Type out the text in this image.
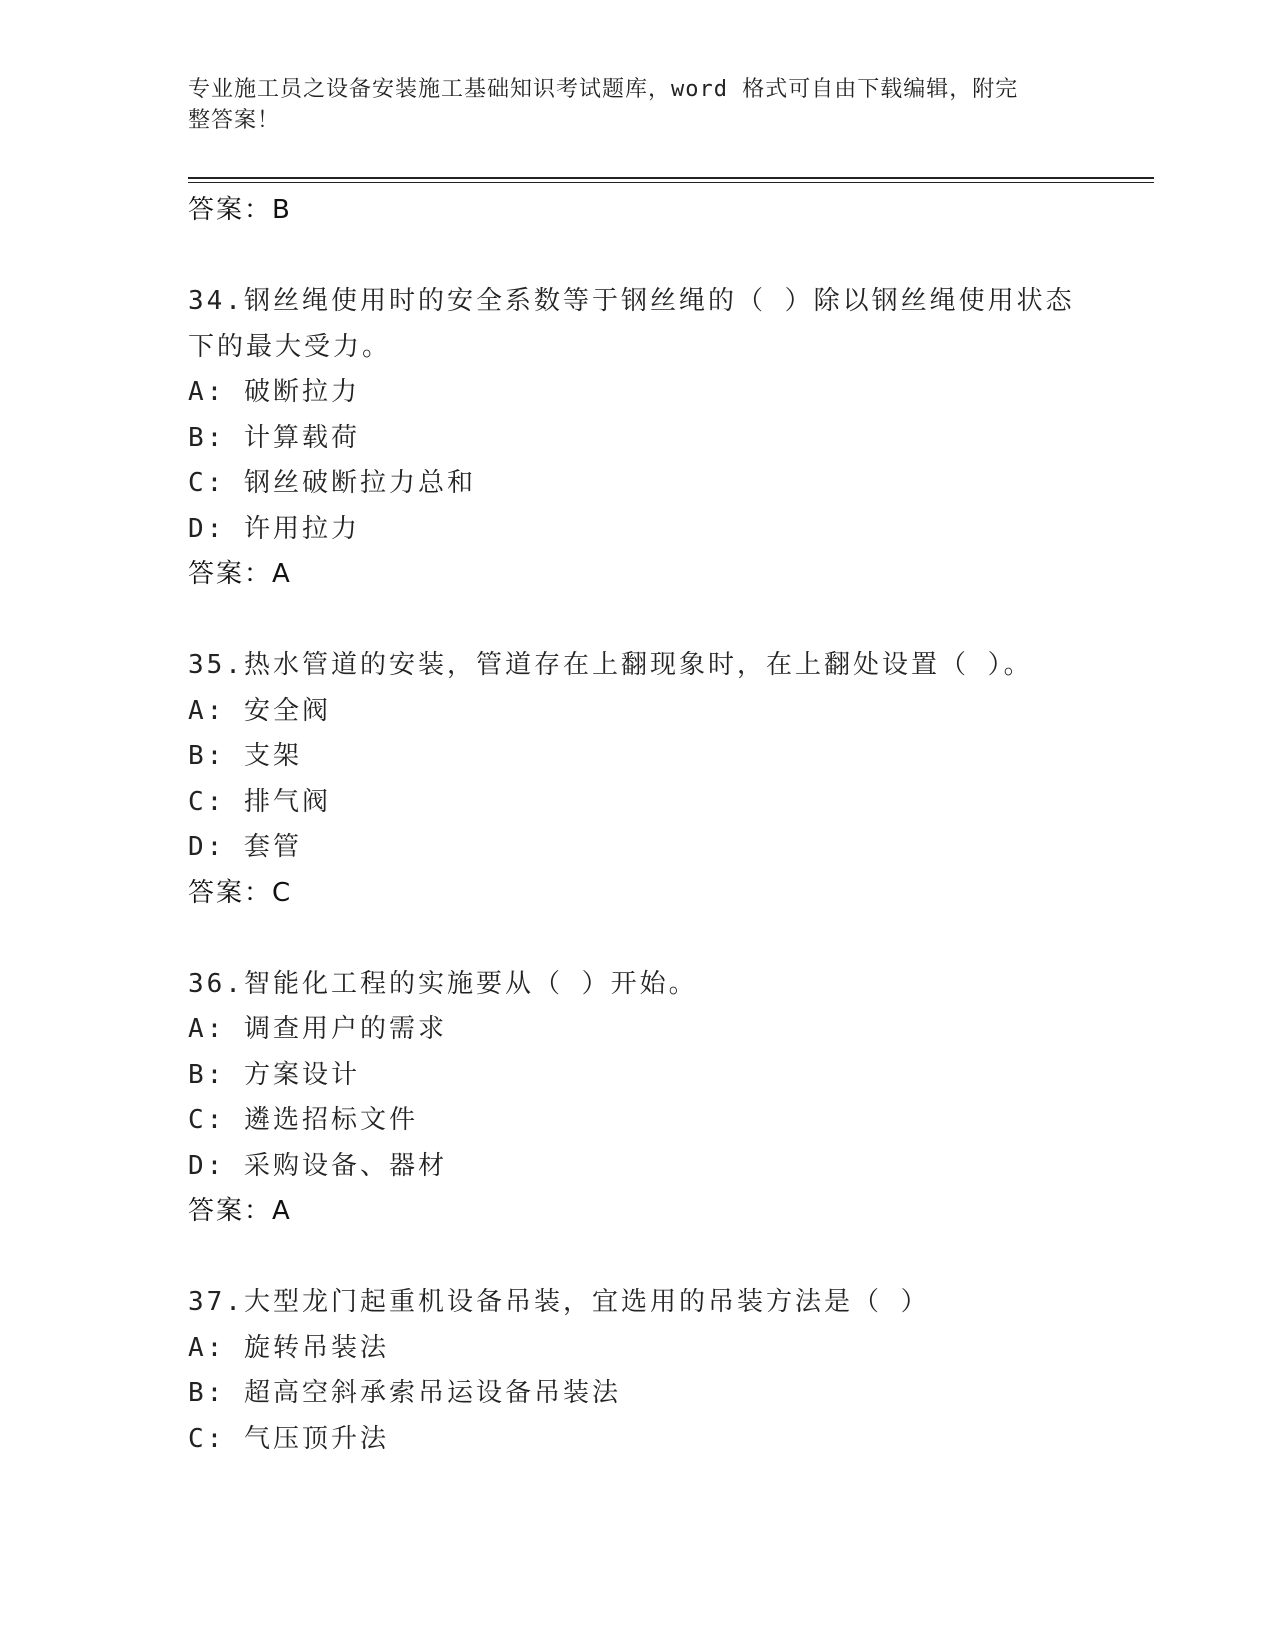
专业施工员之设备安装施工基础知识考试题库，word 格式可自由下载编辑，附完
整答案！
答案：B
34.钢丝绳使用时的安全系数等于钢丝绳的（ ）除以钢丝绳使用状态
下的最大受力。
A: 破断拉力
B: 计算载荷
C: 钢丝破断拉力总和
D: 许用拉力
答案：A
35.热水管道的安装，管道存在上翻现象时，在上翻处设置（ ）。
A: 安全阀
B: 支架
C: 排气阀
D: 套管
答案：C
36.智能化工程的实施要从（ ）开始。
A: 调查用户的需求
B: 方案设计
C: 遴选招标文件
D: 采购设备、器材
答案：A
37.大型龙门起重机设备吊装，宜选用的吊装方法是（ ）
A: 旋转吊装法
B: 超高空斜承索吊运设备吊装法
C: 气压顶升法
